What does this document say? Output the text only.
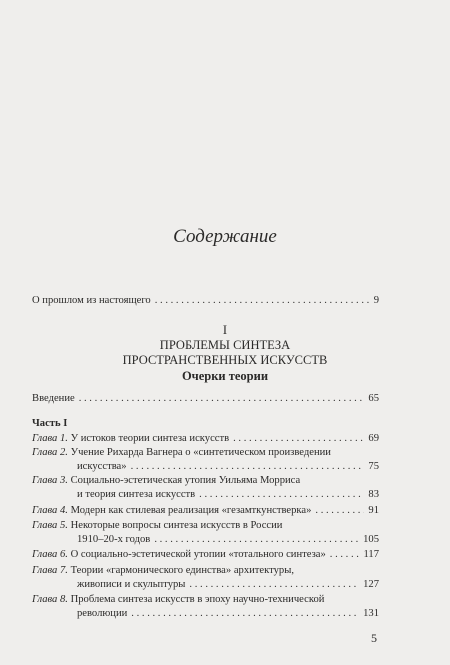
Содержание
О прошлом из настоящего . . .	9
I
ПРОБЛЕМЫ СИНТЕЗА
ПРОСТРАНСТВЕННЫХ ИСКУССТВ
Очерки теории
Введение . . .	65
Часть I
Глава 1. У истоков теории синтеза искусств . . .	69
Глава 2. Учение Рихарда Вагнера о «синтетическом произведении
искусства» . . .	75
Глава 3. Социально-эстетическая утопия Уильяма Морриса
и теория синтеза искусств . . .	83
Глава 4. Модерн как стилевая реализация «гезамткунстверка» . . .	91
Глава 5. Некоторые вопросы синтеза искусств в России
1910–20-х годов . . .	105
Глава 6. О социально-эстетической утопии «тотального синтеза» . . .	117
Глава 7. Теории «гармонического единства» архитектуры,
живописи и скульптуры . . .	127
Глава 8. Проблема синтеза искусств в эпоху научно-технической
революции . . .	131
5
